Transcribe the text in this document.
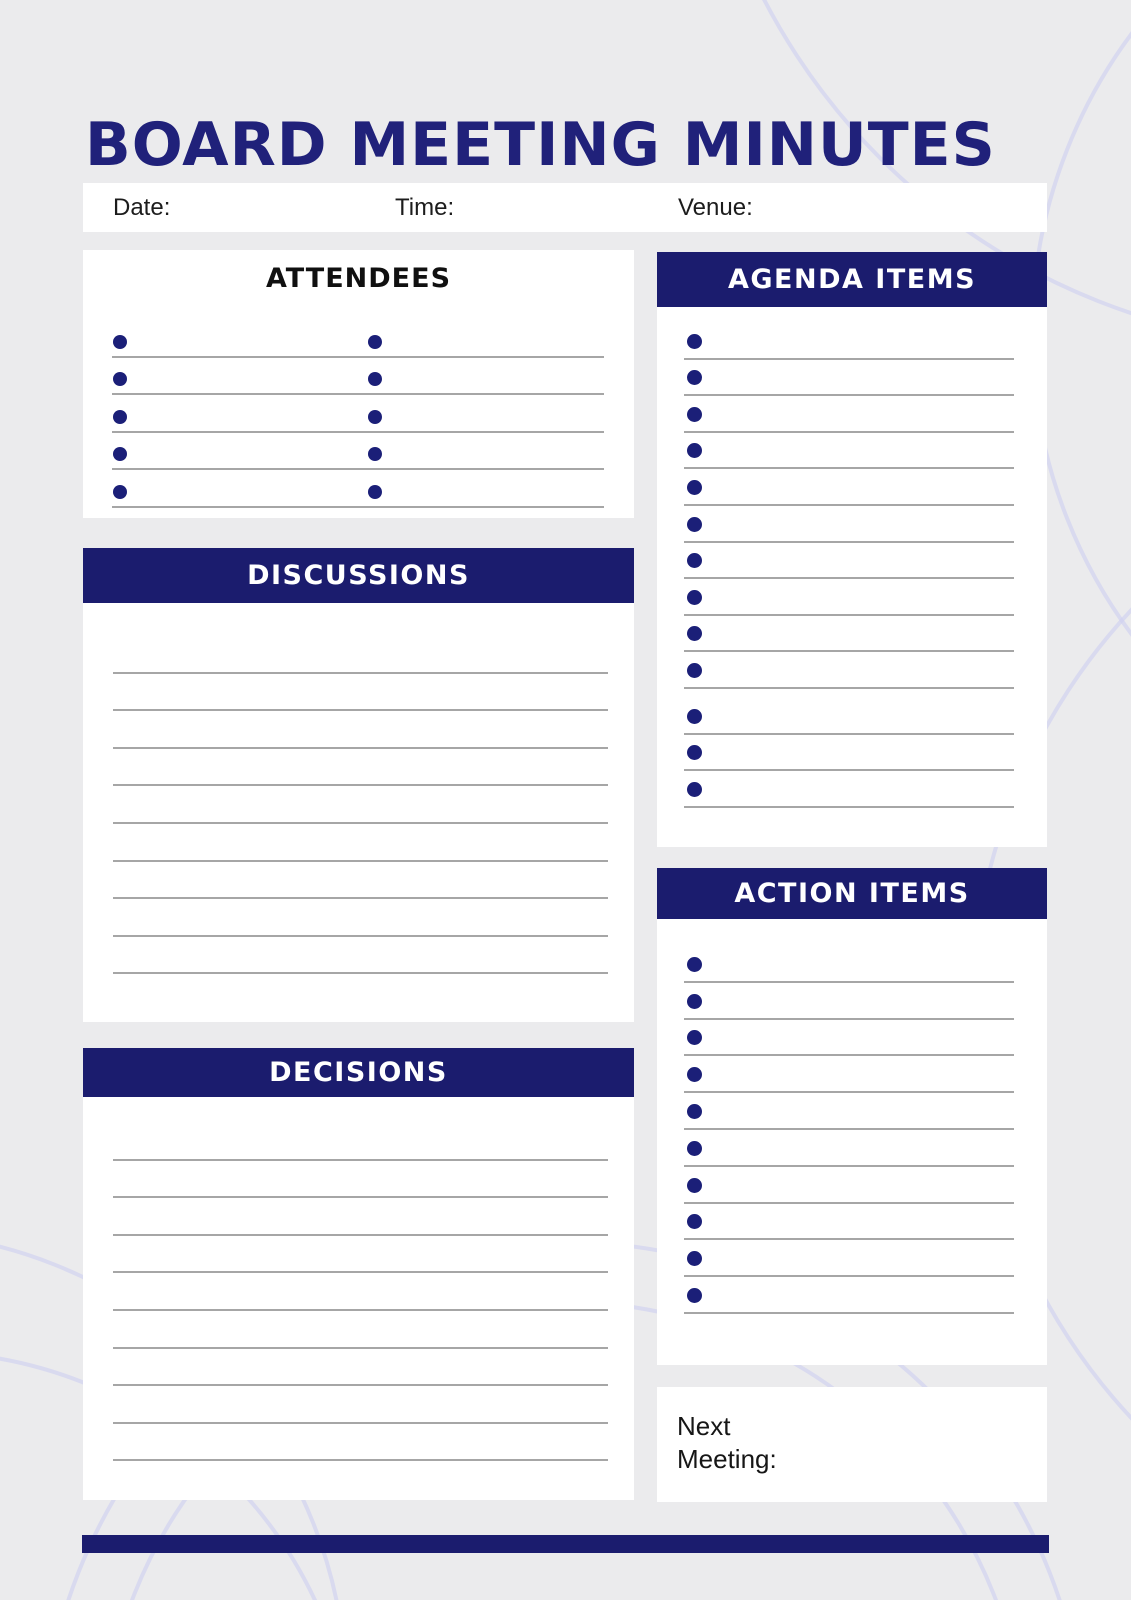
BOARD MEETING MINUTES
Date:	Time:	Venue:
ATTENDEES
DISCUSSIONS
DECISIONS
AGENDA ITEMS
ACTION ITEMS
Next Meeting:
